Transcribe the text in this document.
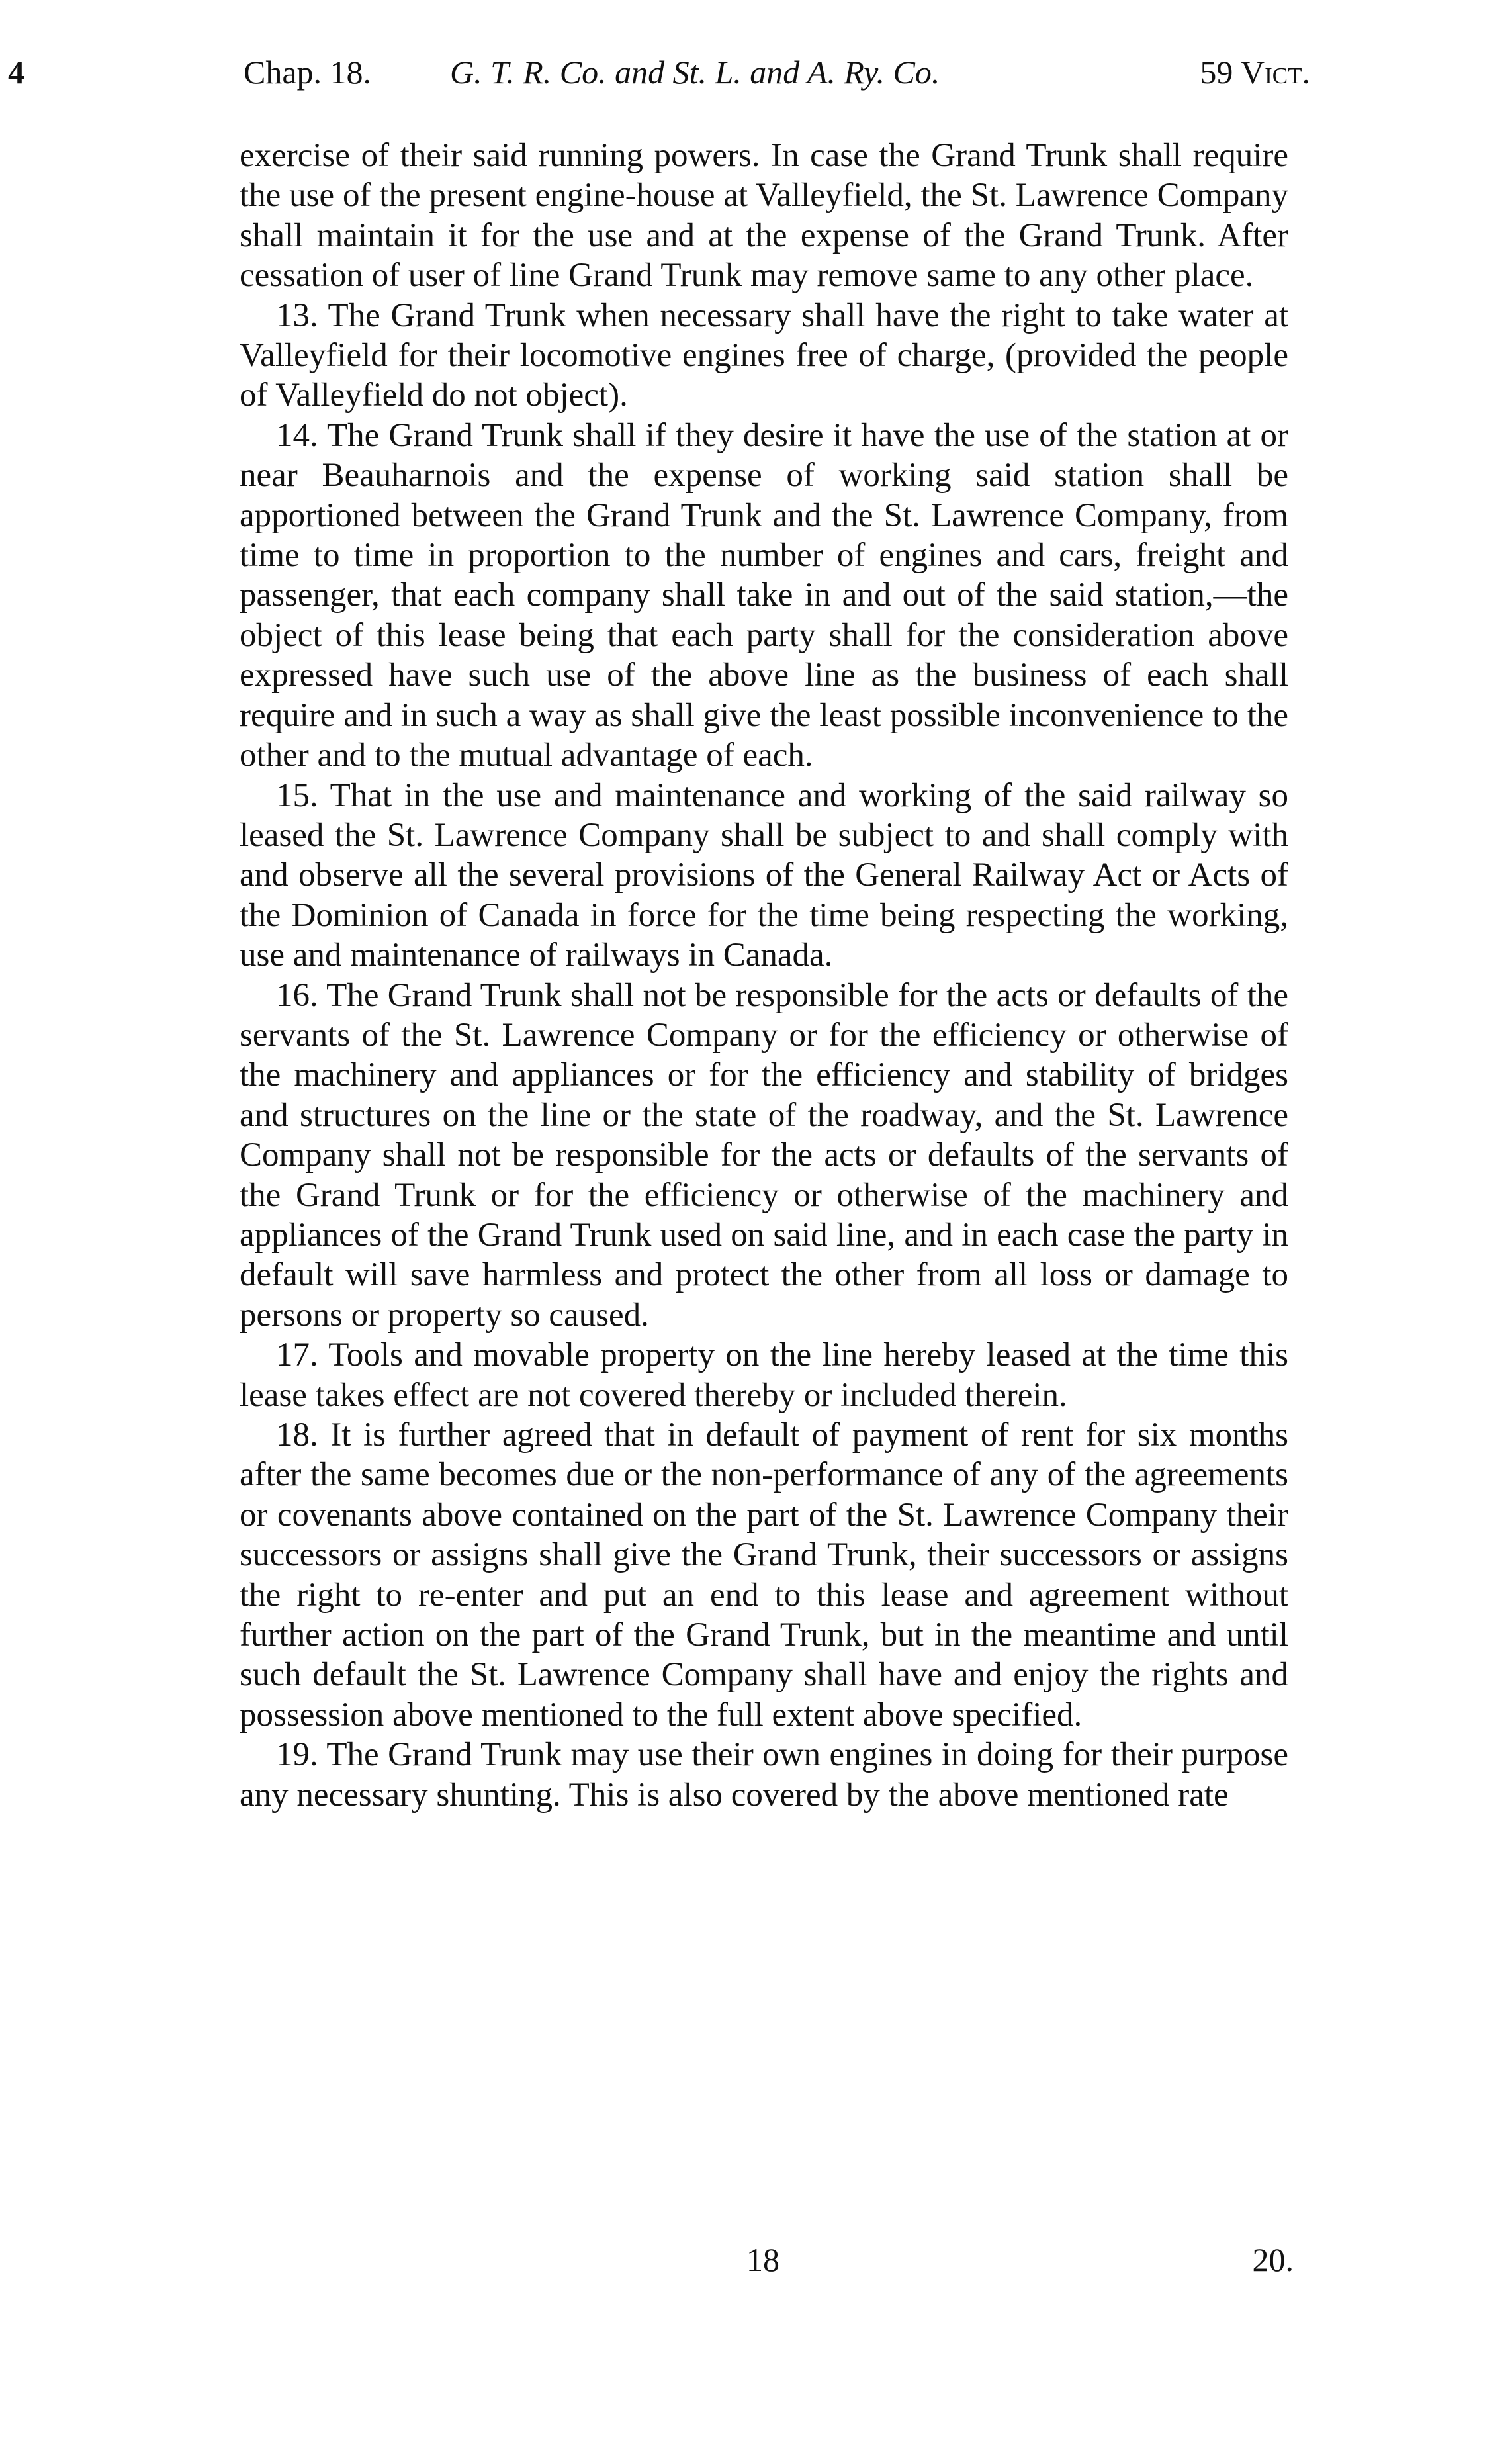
4	Chap. 18. G. T. R. Co. and St. L. and A. Ry. Co.	59 Vict.

exercise of their said running powers. In case the Grand Trunk shall require the use of the present engine-house at Valleyfield, the St. Lawrence Company shall maintain it for the use and at the expense of the Grand Trunk. After cessation of user of line Grand Trunk may remove same to any other place.

13. The Grand Trunk when necessary shall have the right to take water at Valleyfield for their locomotive engines free of charge, (provided the people of Valleyfield do not object).

14. The Grand Trunk shall if they desire it have the use of the station at or near Beauharnois and the expense of working said station shall be apportioned between the Grand Trunk and the St. Lawrence Company, from time to time in proportion to the number of engines and cars, freight and passenger, that each company shall take in and out of the said station,—the object of this lease being that each party shall for the consideration above expressed have such use of the above line as the business of each shall require and in such a way as shall give the least possible inconvenience to the other and to the mutual advantage of each.

15. That in the use and maintenance and working of the said railway so leased the St. Lawrence Company shall be subject to and shall comply with and observe all the several provisions of the General Railway Act or Acts of the Dominion of Canada in force for the time being respecting the working, use and maintenance of railways in Canada.

16. The Grand Trunk shall not be responsible for the acts or defaults of the servants of the St. Lawrence Company or for the efficiency or otherwise of the machinery and appliances or for the efficiency and stability of bridges and structures on the line or the state of the roadway, and the St. Lawrence Company shall not be responsible for the acts or defaults of the servants of the Grand Trunk or for the efficiency or otherwise of the machinery and appliances of the Grand Trunk used on said line, and in each case the party in default will save harmless and protect the other from all loss or damage to persons or property so caused.

17. Tools and movable property on the line hereby leased at the time this lease takes effect are not covered thereby or included therein.

18. It is further agreed that in default of payment of rent for six months after the same becomes due or the non-performance of any of the agreements or covenants above contained on the part of the St. Lawrence Company their successors or assigns shall give the Grand Trunk, their successors or assigns the right to re-enter and put an end to this lease and agreement without further action on the part of the Grand Trunk, but in the meantime and until such default the St. Lawrence Company shall have and enjoy the rights and possession above mentioned to the full extent above specified.

19. The Grand Trunk may use their own engines in doing for their purpose any necessary shunting. This is also covered by the above mentioned rate

18	20.
